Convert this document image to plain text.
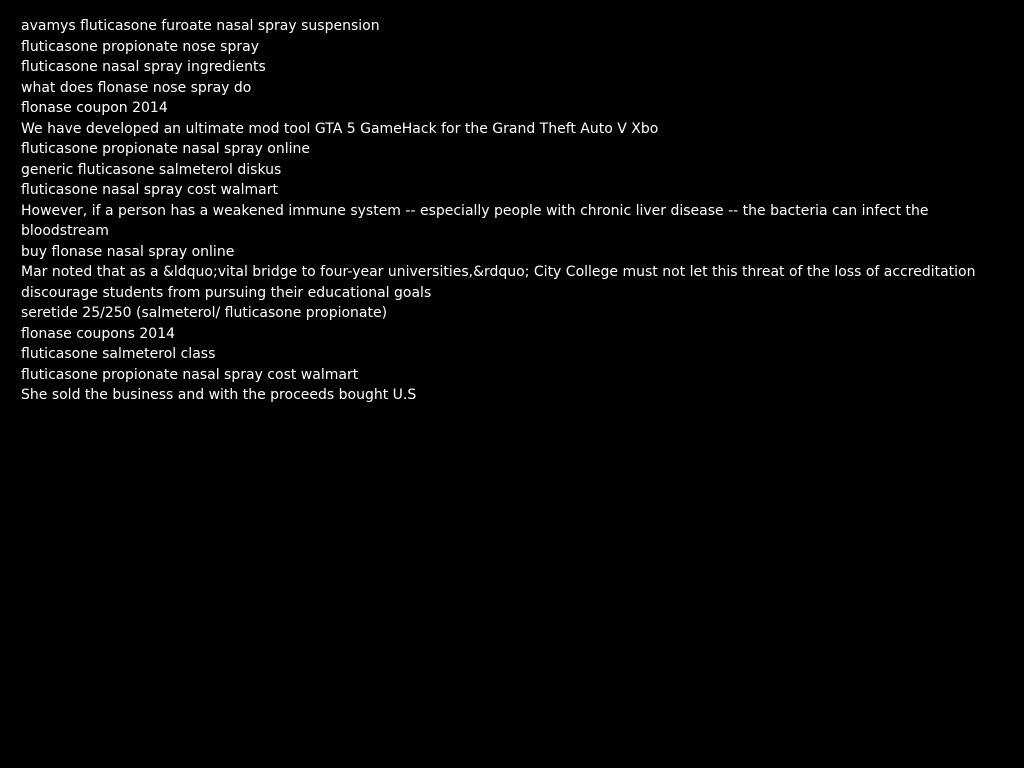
avamys fluticasone furoate nasal spray suspension
fluticasone propionate nose spray
fluticasone nasal spray ingredients
what does flonase nose spray do
flonase coupon 2014
We have developed an ultimate mod tool GTA 5 GameHack for the Grand Theft Auto V Xbo
fluticasone propionate nasal spray online
generic fluticasone salmeterol diskus
fluticasone nasal spray cost walmart
However, if a person has a weakened immune system -- especially people with chronic liver disease -- the bacteria can infect the bloodstream
buy flonase nasal spray online
Mar noted that as a &ldquo;vital bridge to four-year universities,&rdquo; City College must not let this threat of the loss of accreditation discourage students from pursuing their educational goals
seretide 25/250 (salmeterol/ fluticasone propionate)
flonase coupons 2014
fluticasone salmeterol class
fluticasone propionate nasal spray cost walmart
She sold the business and with the proceeds bought U.S
